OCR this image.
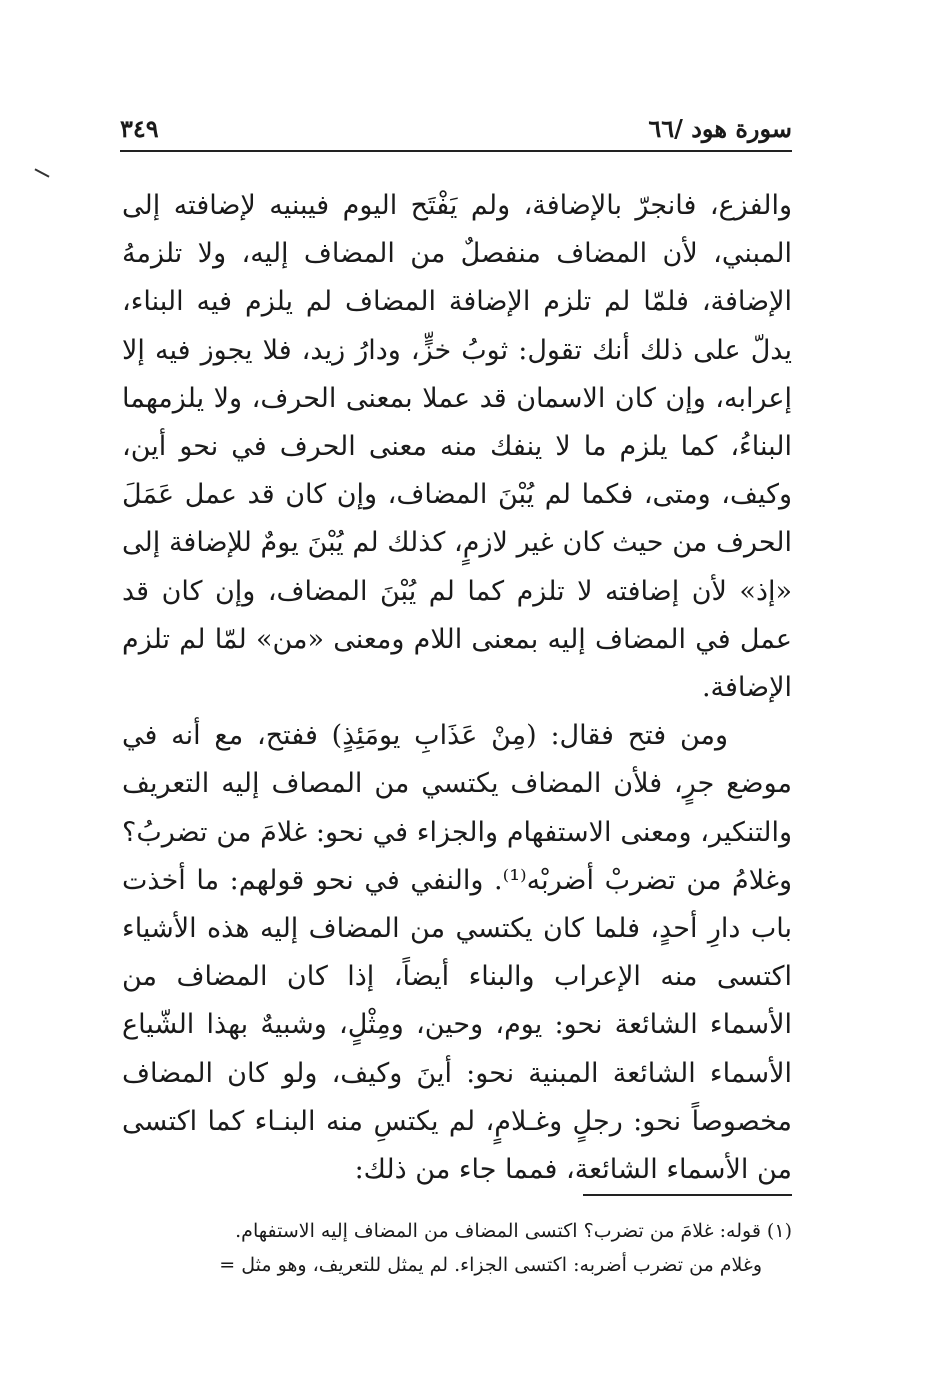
سورة هود /٦٦
٣٤٩

والفزع، فانجرّ بالإضافة، ولم يَفْتَح اليوم فيبنيه لإضافته إلى المبني، لأن المضاف منفصلٌ من المضاف إليه، ولا تلزمهُ الإضافة، فلمّا لم تلزم الإضافة المضاف لم يلزم فيه البناء، يدلّ على ذلك أنك تقول: ثوبُ خزٍّ، ودارُ زيد، فلا يجوز فيه إلا إعرابه، وإن كان الاسمان قد عملا بمعنى الحرف، ولا يلزمهما البناءُ، كما يلزم ما لا ينفك منه معنى الحرف في نحو أين، وكيف، ومتى، فكما لم يُبْنَ المضاف، وإن كان قد عمل عَمَلَ الحرف من حيث كان غير لازمٍ، كذلك لم يُبْنَ يومٌ للإضافة إلى «إذ» لأن إضافته لا تلزم كما لم يُبْنَ المضاف، وإن كان قد عمل في المضاف إليه بمعنى اللام ومعنى «من» لمّا لم تلزم الإضافة.

ومن فتح فقال: (مِنْ عَذَابِ يومَئِذٍ) ففتح، مع أنه في موضع جرٍ، فلأن المضاف يكتسي من المصاف إليه التعريف والتنكير، ومعنى الاستفهام والجزاء في نحو: غلامَ من تضربُ؟ وغلامُ من تضربْ أضربْه⁽¹⁾. والنفي في نحو قولهم: ما أخذت باب دارِ أحدٍ، فلما كان يكتسي من المضاف إليه هذه الأشياء اكتسى منه الإعراب والبناء أيضاً، إذا كان المضاف من الأسماء الشائعة نحو: يوم، وحين، ومِثْلٍ، وشبيهٌ بهذا الشّياع الأسماء الشائعة المبنية نحو: أينَ وكيف، ولو كان المضاف مخصوصاً نحو: رجلٍ وغـلامٍ، لم يكتسِ منه البنـاء كما اكتسى من الأسماء الشائعة، فمما جاء من ذلك:

(١) قوله: غلامَ من تضرب؟ اكتسى المضاف من المضاف إليه الاستفهام.
وغلام من تضرب أضربه: اكتسى الجزاء. لم يمثل للتعريف، وهو مثل =
